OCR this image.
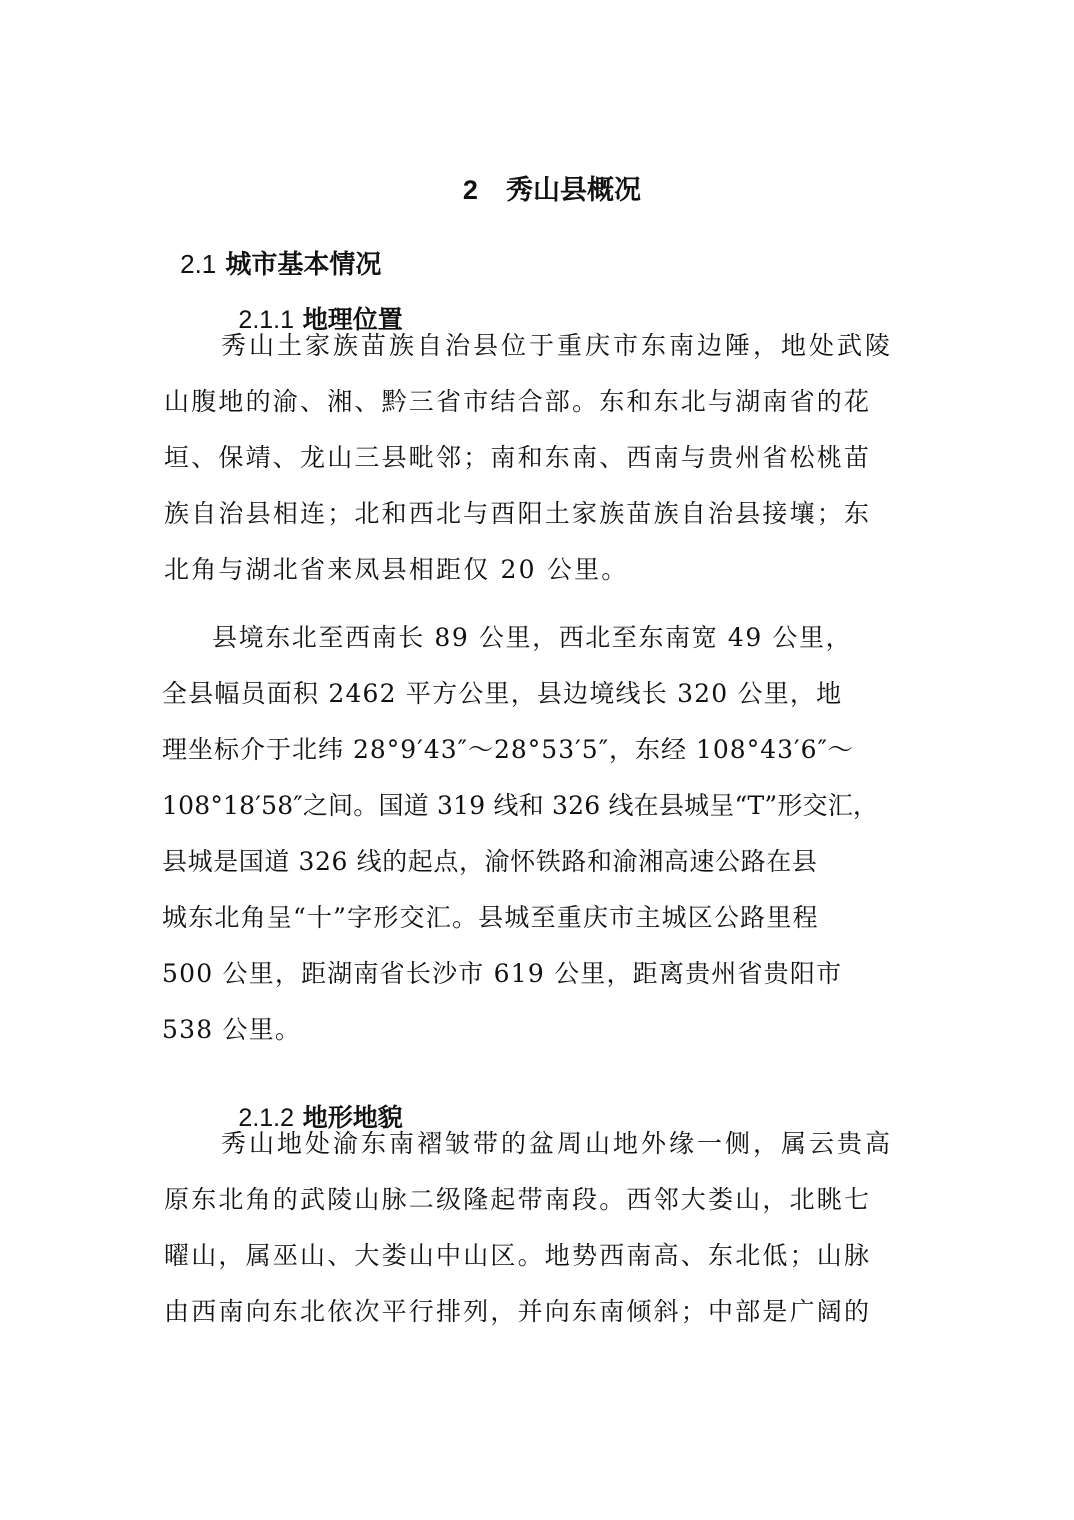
2 秀山县概况

2.1 城市基本情况

2.1.1 地理位置

秀山土家族苗族自治县位于重庆市东南边陲，地处武陵
山腹地的渝、湘、黔三省市结合部。东和东北与湖南省的花
垣、保靖、龙山三县毗邻；南和东南、西南与贵州省松桃苗
族自治县相连；北和西北与酉阳土家族苗族自治县接壤；东
北角与湖北省来凤县相距仅 20 公里。
县境东北至西南长 89 公里，西北至东南宽 49 公里，
全县幅员面积 2462 平方公里，县边境线长 320 公里，地
理坐标介于北纬 28°9′43″～28°53′5″，东经 108°43′6″～
108°18′58″之间。国道 319 线和 326 线在县城呈“T”形交汇，
县城是国道 326 线的起点，渝怀铁路和渝湘高速公路在县
城东北角呈“十”字形交汇。县城至重庆市主城区公路里程
500 公里，距湖南省长沙市 619 公里，距离贵州省贵阳市
538 公里。

2.1.2 地形地貌

秀山地处渝东南褶皱带的盆周山地外缘一侧，属云贵高
原东北角的武陵山脉二级隆起带南段。西邻大娄山，北眺七
曜山，属巫山、大娄山中山区。地势西南高、东北低；山脉
由西南向东北依次平行排列，并向东南倾斜；中部是广阔的
